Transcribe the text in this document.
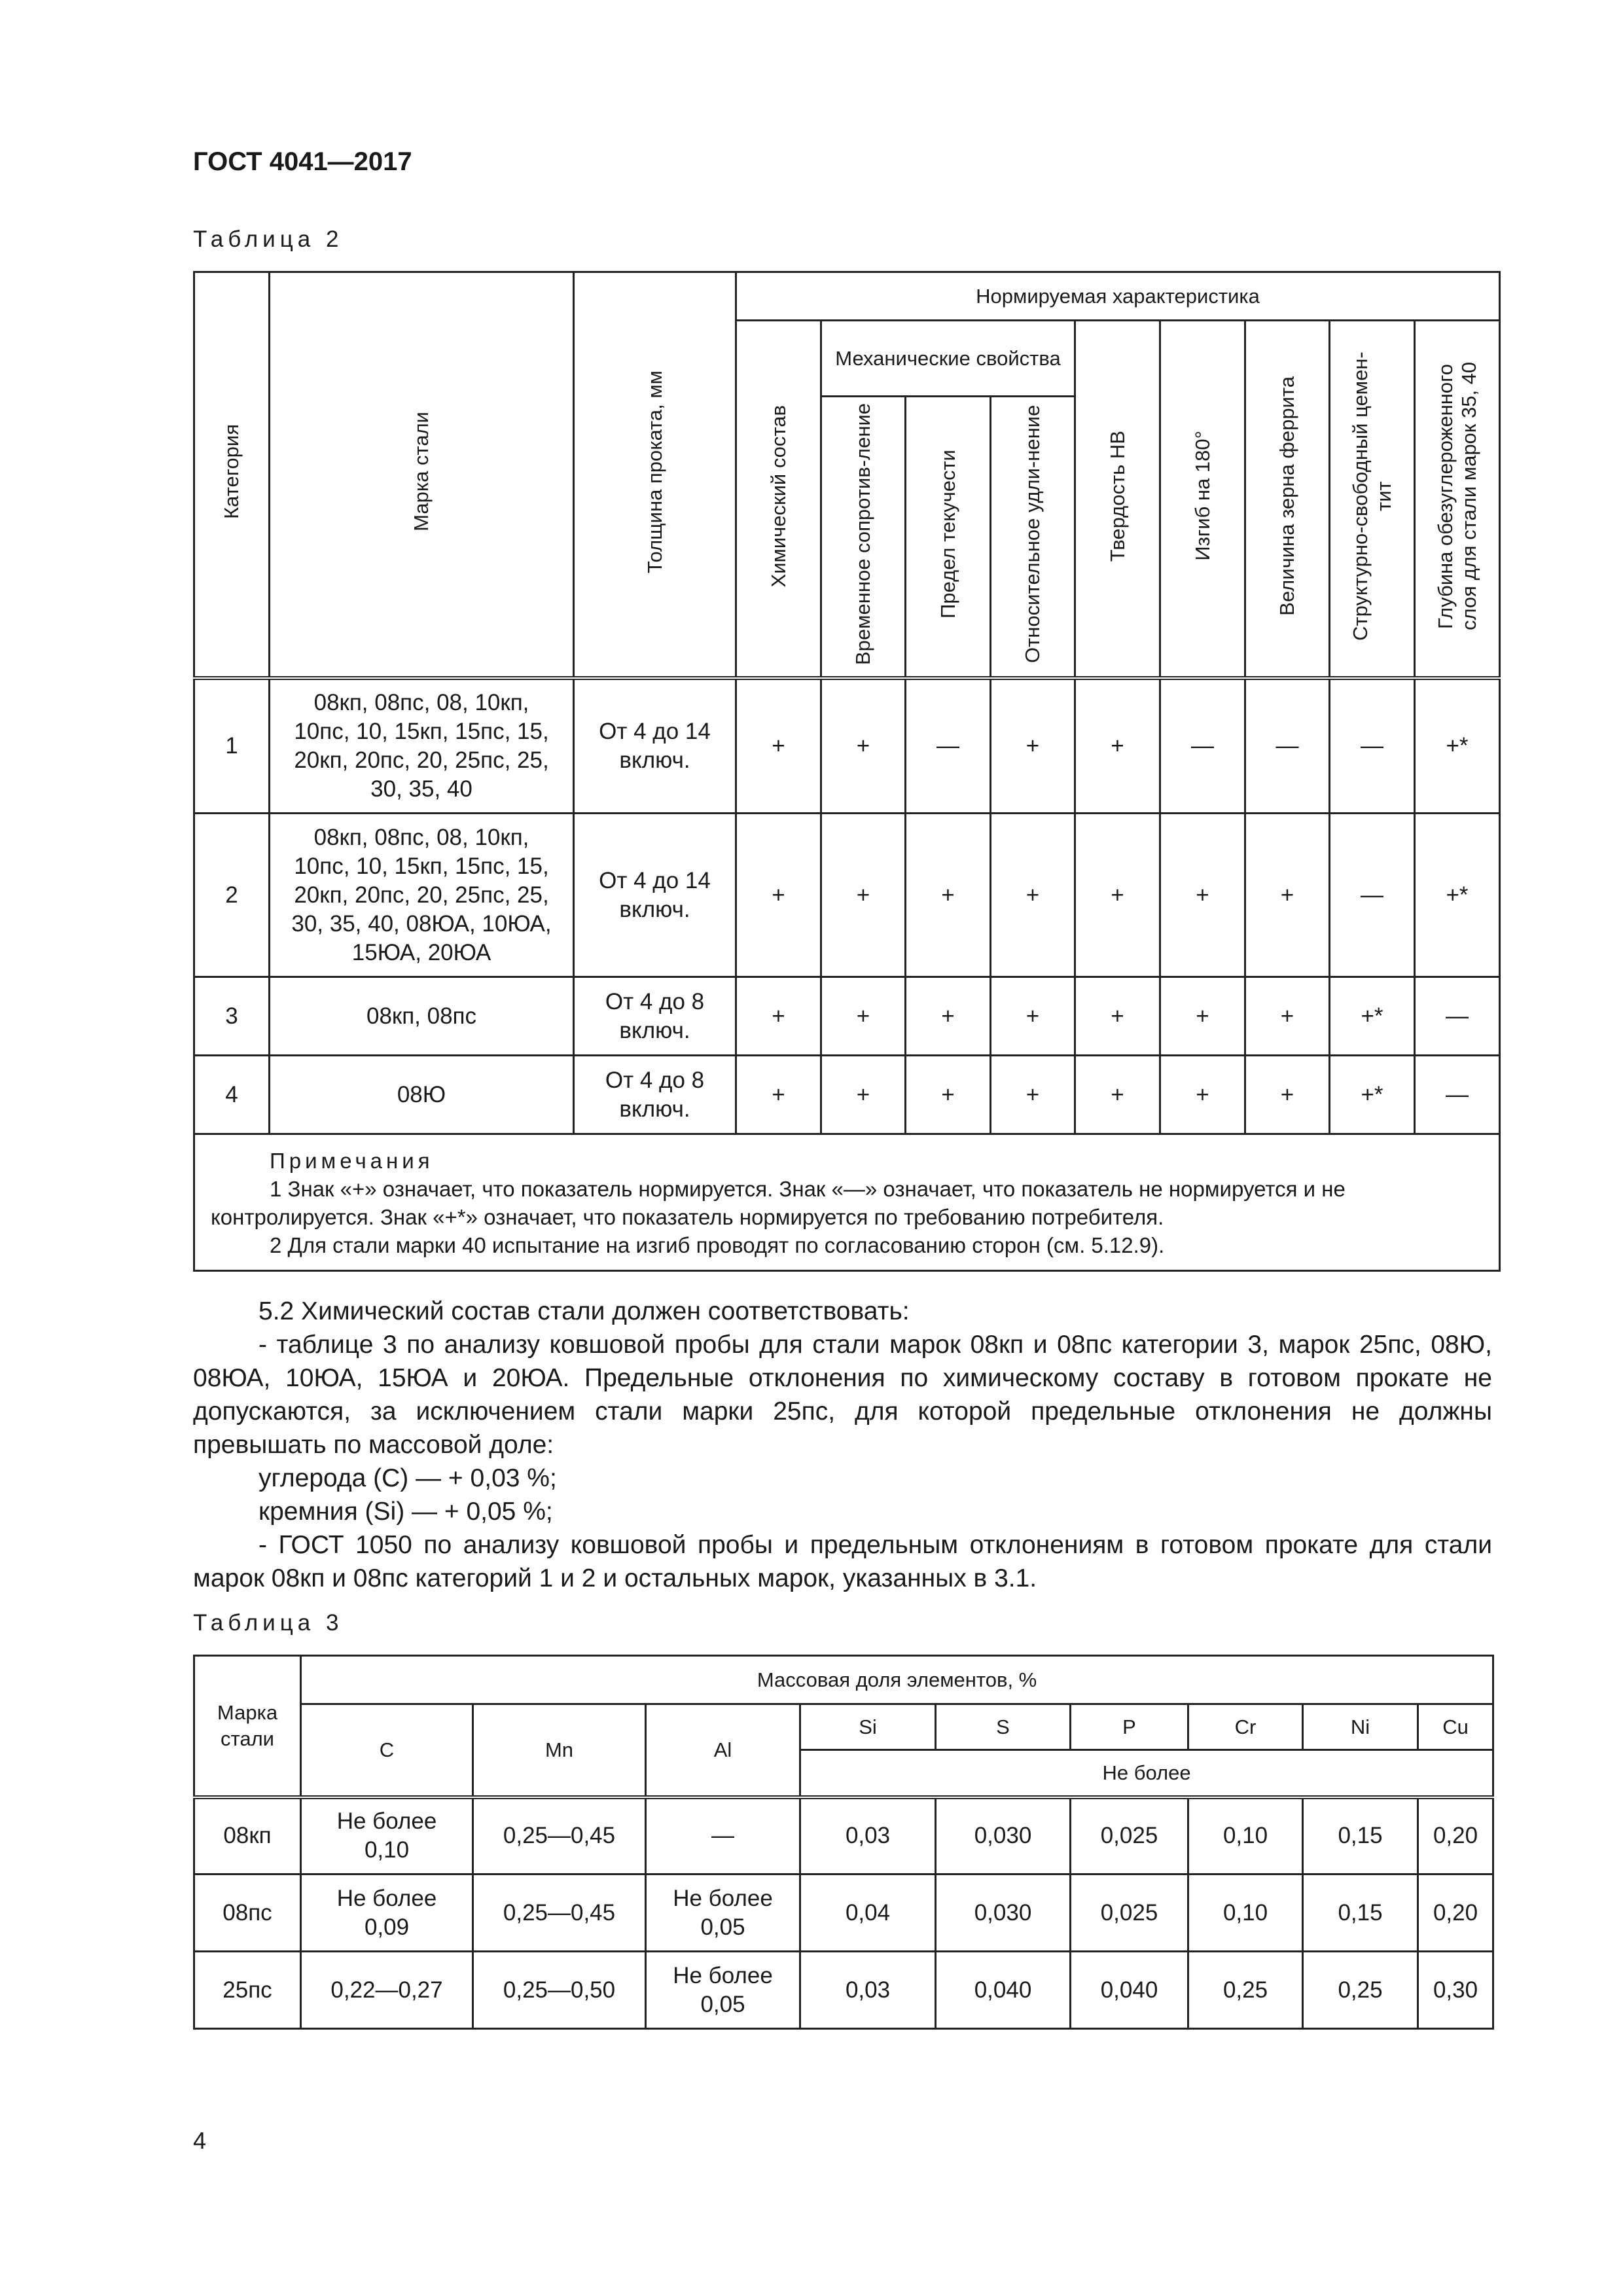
ГОСТ 4041—2017
Таблица 2
Категория	Марка стали	Толщина проката, мм	Нормируемая характеристика								
			Химический состав	Механические свойства			Твердость НВ	Изгиб на 180°	Величина зерна феррита	Структурно-свободный цемен-тит	Глубина обезуглероженного слоя для стали марок 35, 40
				Временное сопротив-ление	Предел текучести	Относительное удли-нение					
1	08кп, 08пс, 08, 10кп, 10пс, 10, 15кп, 15пс, 15, 20кп, 20пс, 20, 25пс, 25, 30, 35, 40	От 4 до 14 включ.	+	+	—	+	+	—	—	—	+*
2	08кп, 08пс, 08, 10кп, 10пс, 10, 15кп, 15пс, 15, 20кп, 20пс, 20, 25пс, 25, 30, 35, 40, 08ЮА, 10ЮА, 15ЮА, 20ЮА	От 4 до 14 включ.	+	+	+	+	+	+	+	—	+*
3	08кп, 08пс	От 4 до 8 включ.	+	+	+	+	+	+	+	+*	—
4	08Ю	От 4 до 8 включ.	+	+	+	+	+	+	+	+*	—

Примечания
1 Знак «+» означает, что показатель нормируется. Знак «—» означает, что показатель не нормируется и не контролируется. Знак «+*» означает, что показатель нормируется по требованию потребителя.
2 Для стали марки 40 испытание на изгиб проводят по согласованию сторон (см. 5.12.9).											

5.2 Химический состав стали должен соответствовать:

- таблице 3 по анализу ковшовой пробы для стали марок 08кп и 08пс категории 3, марок 25пс, 08Ю, 08ЮА, 10ЮА, 15ЮА и 20ЮА. Предельные отклонения по химическому составу в готовом прокате не допускаются, за исключением стали марки 25пс, для которой предельные отклонения не должны превышать по массовой доле:

углерода (С) — + 0,03 %;

кремния (Si) — + 0,05 %;

- ГОСТ 1050 по анализу ковшовой пробы и предельным отклонениям в готовом прокате для стали марок 08кп и 08пс категорий 1 и 2 и остальных марок, указанных в 3.1.

Таблица 3
Марка стали	Массовая доля элементов, %								
	C	Mn	Al	Si	S	P	Cr	Ni	Cu
				Не более					
08кп	Не более 0,10	0,25—0,45	—	0,03	0,030	0,025	0,10	0,15	0,20
08пс	Не более 0,09	0,25—0,45	Не более 0,05	0,04	0,030	0,025	0,10	0,15	0,20
25пс	0,22—0,27	0,25—0,50	Не более 0,05	0,03	0,040	0,040	0,25	0,25	0,30
4
